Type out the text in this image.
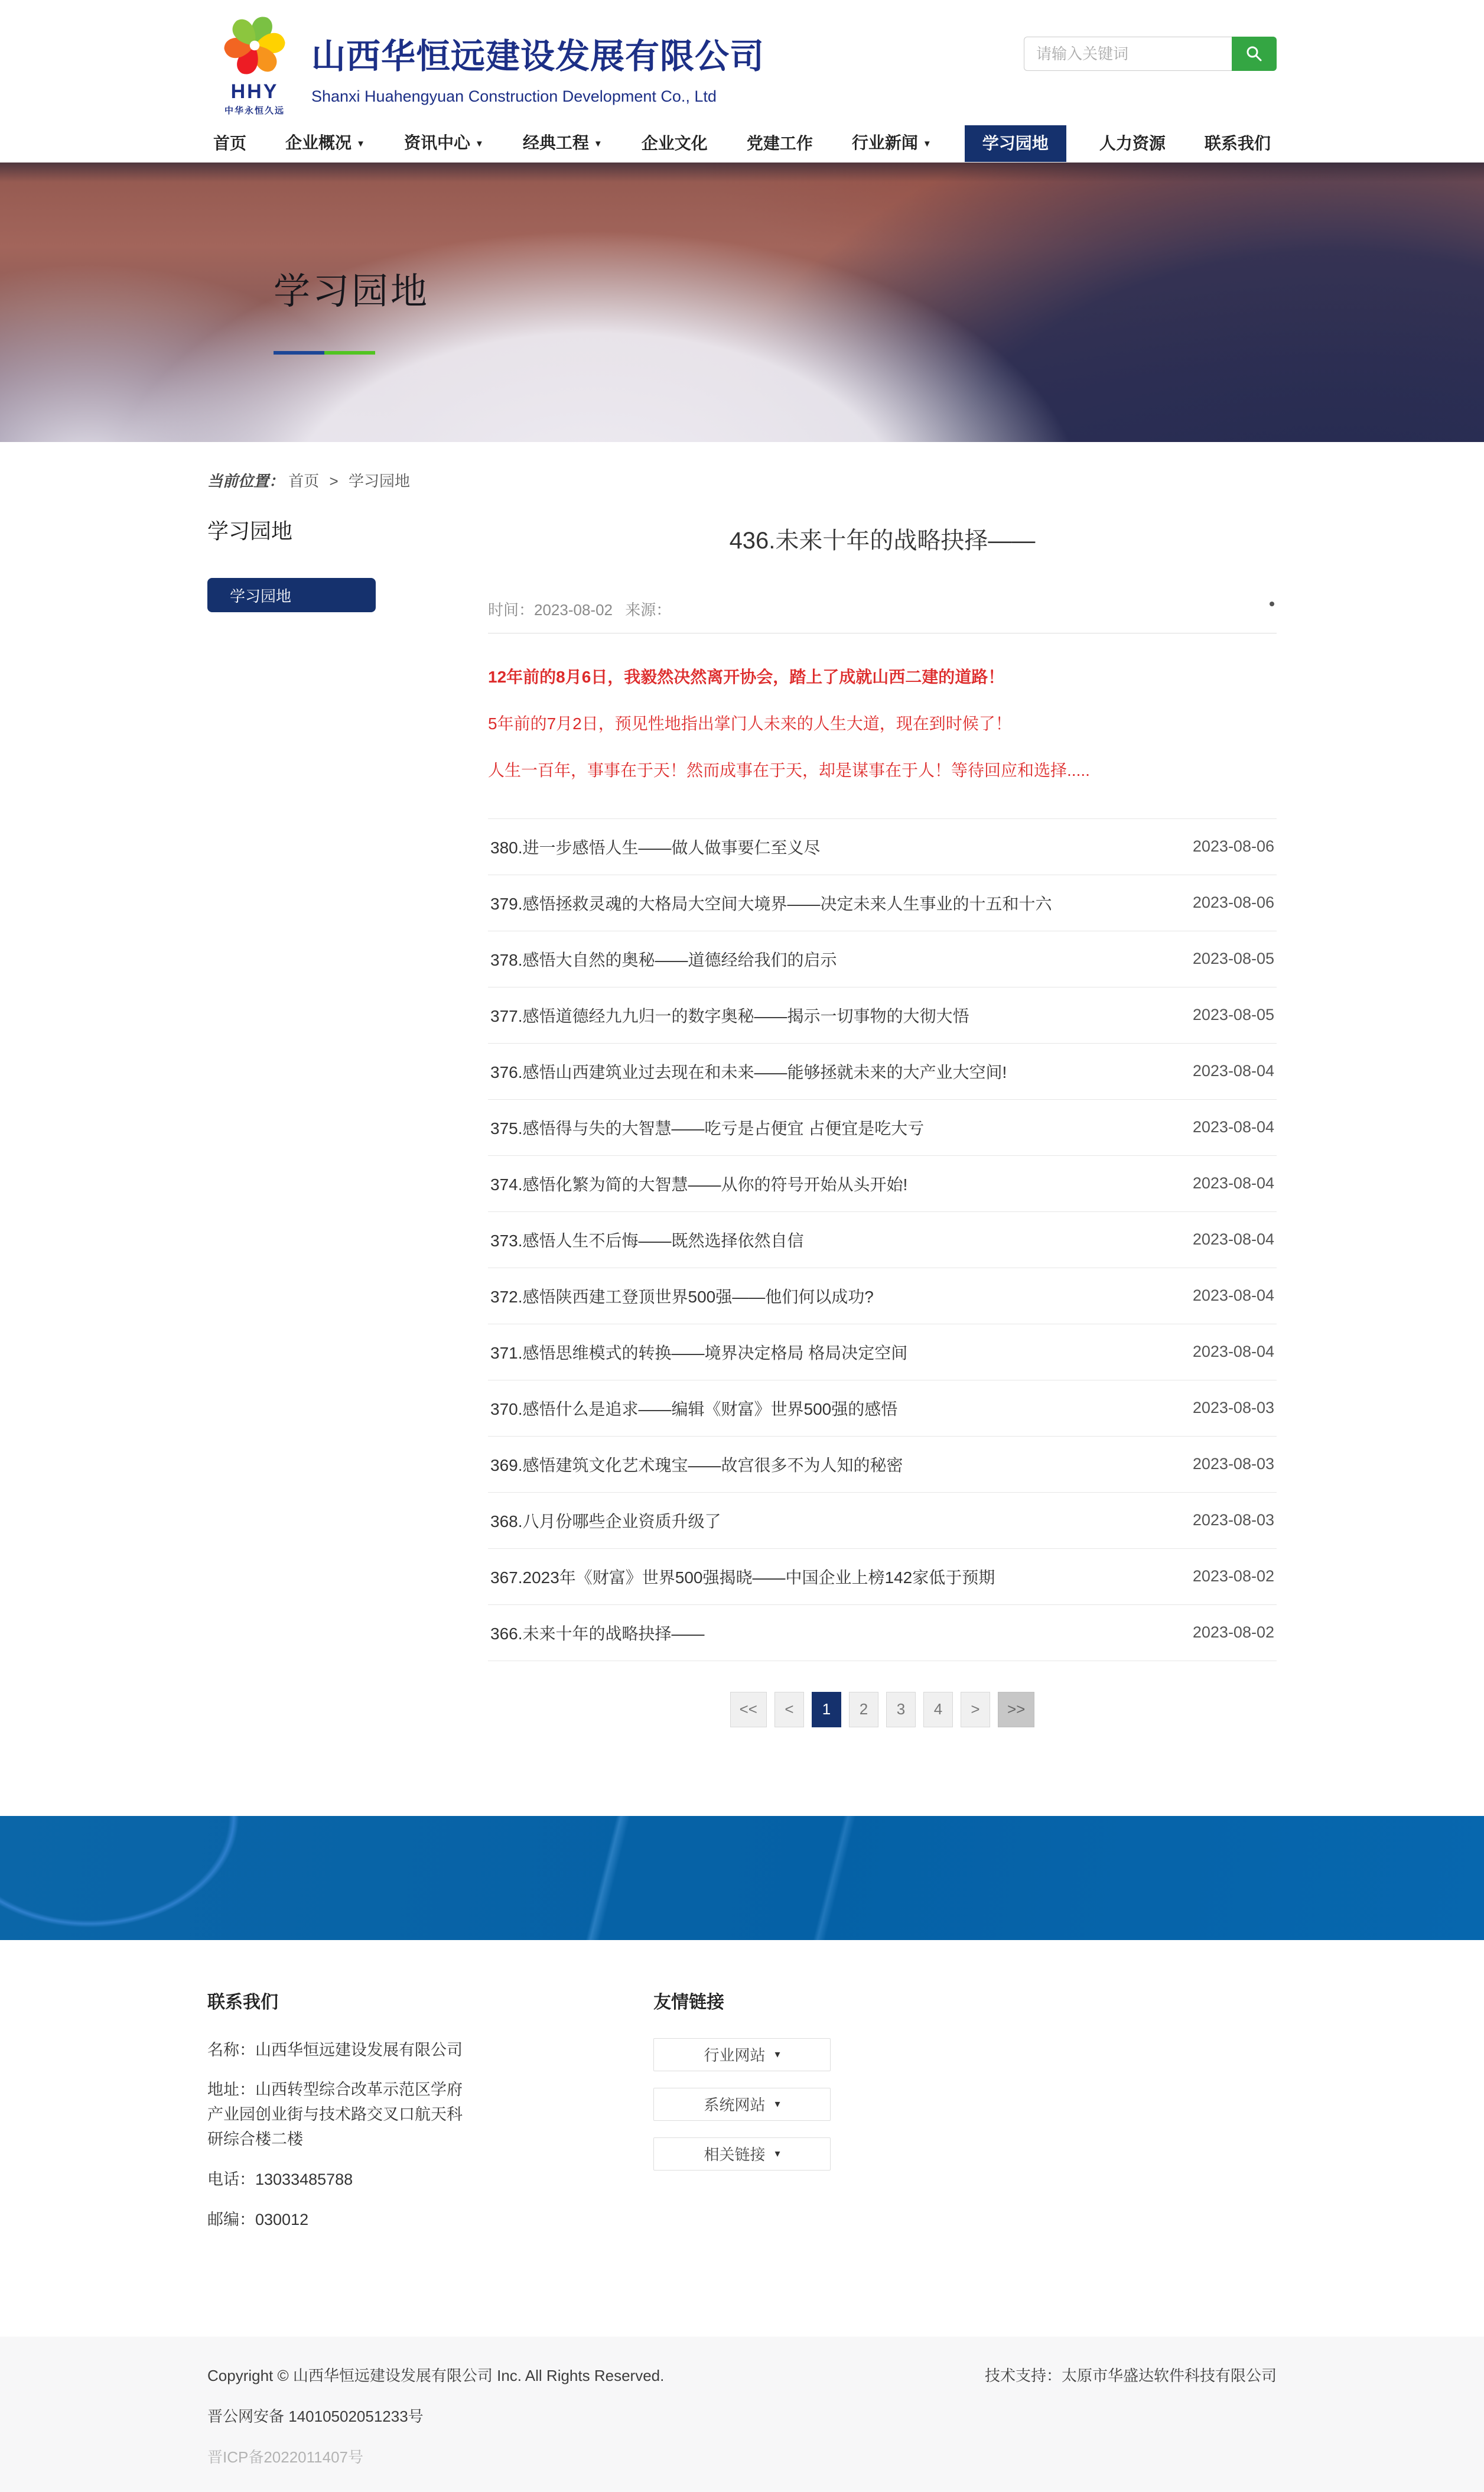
HHY
中华永恒久远
山西华恒远建设发展有限公司
Shanxi Huahengyuan Construction Development Co., Ltd
请输入关键词
首页	企业概况 ▼	资讯中心 ▼	经典工程 ▼	企业文化	党建工作	行业新闻 ▼	学习园地	人力资源	联系我们
学习园地
当前位置： 首页 > 学习园地
学习园地
学习园地
436.未来十年的战略抉择——
时间：2023-08-02 来源：

12年前的8月6日，我毅然决然离开协会，踏上了成就山西二建的道路！

5年前的7月2日，预见性地指出掌门人未来的人生大道，现在到时候了！

人生一百年，事事在于天！然而成事在于天，却是谋事在于人！等待回应和选择.....

380.进一步感悟人生——做人做事要仁至义尽	2023-08-06
379.感悟拯救灵魂的大格局大空间大境界——决定未来人生事业的十五和十六	2023-08-06
378.感悟大自然的奥秘——道德经给我们的启示	2023-08-05
377.感悟道德经九九归一的数字奥秘——揭示一切事物的大彻大悟	2023-08-05
376.感悟山西建筑业过去现在和未来——能够拯就未来的大产业大空间!	2023-08-04
375.感悟得与失的大智慧——吃亏是占便宜 占便宜是吃大亏	2023-08-04
374.感悟化繁为简的大智慧——从你的符号开始从头开始!	2023-08-04
373.感悟人生不后悔——既然选择依然自信	2023-08-04
372.感悟陕西建工登顶世界500强——他们何以成功?	2023-08-04
371.感悟思维模式的转换——境界决定格局 格局决定空间	2023-08-04
370.感悟什么是追求——编辑《财富》世界500强的感悟	2023-08-03
369.感悟建筑文化艺术瑰宝——故宫很多不为人知的秘密	2023-08-03
368.八月份哪些企业资质升级了	2023-08-03
367.2023年《财富》世界500强揭晓——中国企业上榜142家低于预期	2023-08-02
366.未来十年的战略抉择——	2023-08-02
<<	<	1	2	3	4	>	>>
联系我们
名称：山西华恒远建设发展有限公司
地址：山西转型综合改革示范区学府产业园创业街与技术路交叉口航天科研综合楼二楼
电话：13033485788
邮编：030012
友情链接
行业网站 ▾
系统网站 ▾
相关链接 ▾
Copyright © 山西华恒远建设发展有限公司 Inc. All Rights Reserved.
晋公网安备 14010502051233号
晋ICP备2022011407号
技术支持：太原市华盛达软件科技有限公司
